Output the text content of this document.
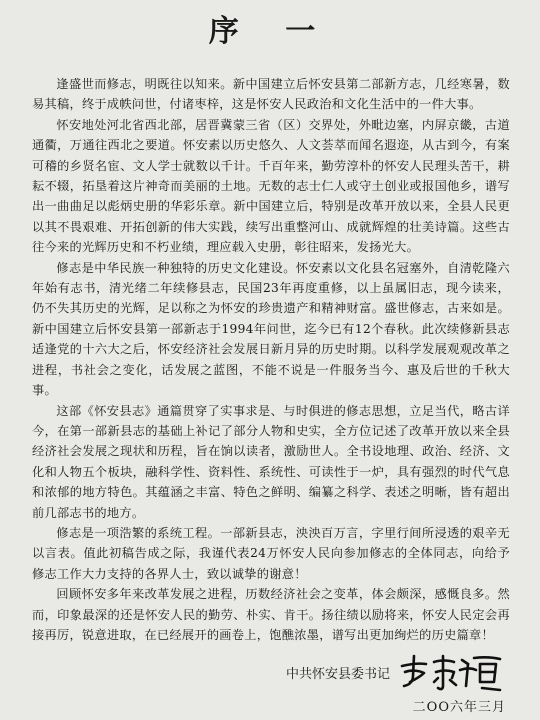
序 一

逢盛世而修志，明既往以知来。新中国建立后怀安县第二部新方志，几经寒暑，数易其稿，终于成帙问世，付诸枣梓，这是怀安人民政治和文化生活中的一件大事。

怀安地处河北省西北部，居晋冀蒙三省（区）交界处，外毗边塞，内屏京畿，古道通衢，万通往西北之要道。怀安素以历史悠久、人文荟萃而闻名遐迩，从古到今，有案可稽的乡贤名宦、文人学士就数以千计。千百年来，勤劳淳朴的怀安人民理头苦干，耕耘不辍，拓垦着这片神奇而美丽的土地。无数的志士仁人或守土创业或报国他乡，谱写出一曲曲足以彪炳史册的华彩乐章。新中国建立后，特别是改革开放以来，全县人民更以其不畏艰难、开拓创新的伟大实践，续写出重整河山、成就辉煌的壮美诗篇。这些古往今来的光辉历史和不朽业绩，理应载入史册，彰往昭来，发扬光大。

修志是中华民族一种独特的历史文化建设。怀安素以文化县名冠塞外，自清乾隆六年始有志书，清光绪二年续修县志，民国23年再度重修，以上虽属旧志，现今读来，仍不失其历史的光辉，足以称之为怀安的珍贵遗产和精神财富。盛世修志，古来如是。新中国建立后怀安县第一部新志于1994年问世，迄今已有12个春秋。此次续修新县志适逢党的十六大之后，怀安经济社会发展日新月异的历史时期。以科学发展观观改革之进程，书社会之变化，话发展之蓝图，不能不说是一件服务当今、惠及后世的千秋大事。

这部《怀安县志》通篇贯穿了实事求是、与时俱进的修志思想，立足当代，略古详今，在第一部新县志的基础上补记了部分人物和史实，全方位记述了改革开放以来全县经济社会发展之现状和历程，旨在饷以读者，激励世人。全书设地理、政治、经济、文化和人物五个板块，融科学性、资料性、系统性、可读性于一炉，具有强烈的时代气息和浓郁的地方特色。其蕴涵之丰富、特色之鲜明、编纂之科学、表述之明晰，皆有超出前几部志书的地方。

修志是一项浩繁的系统工程。一部新县志，泱泱百万言，字里行间所浸透的艰辛无以言表。值此初稿告成之际，我谨代表24万怀安人民向参加修志的全体同志，向给予修志工作大力支持的各界人士，致以诚挚的谢意！

回顾怀安多年来改革发展之进程，历数经济社会之变革，体会颇深，感慨良多。然而，印象最深的还是怀安人民的勤劳、朴实、肯干。扬往绩以励将来，怀安人民定会再接再厉，锐意进取，在已经展开的画卷上，饱醮浓墨，谱写出更加绚烂的历史篇章！

中共怀安县委书记
二OO六年三月
